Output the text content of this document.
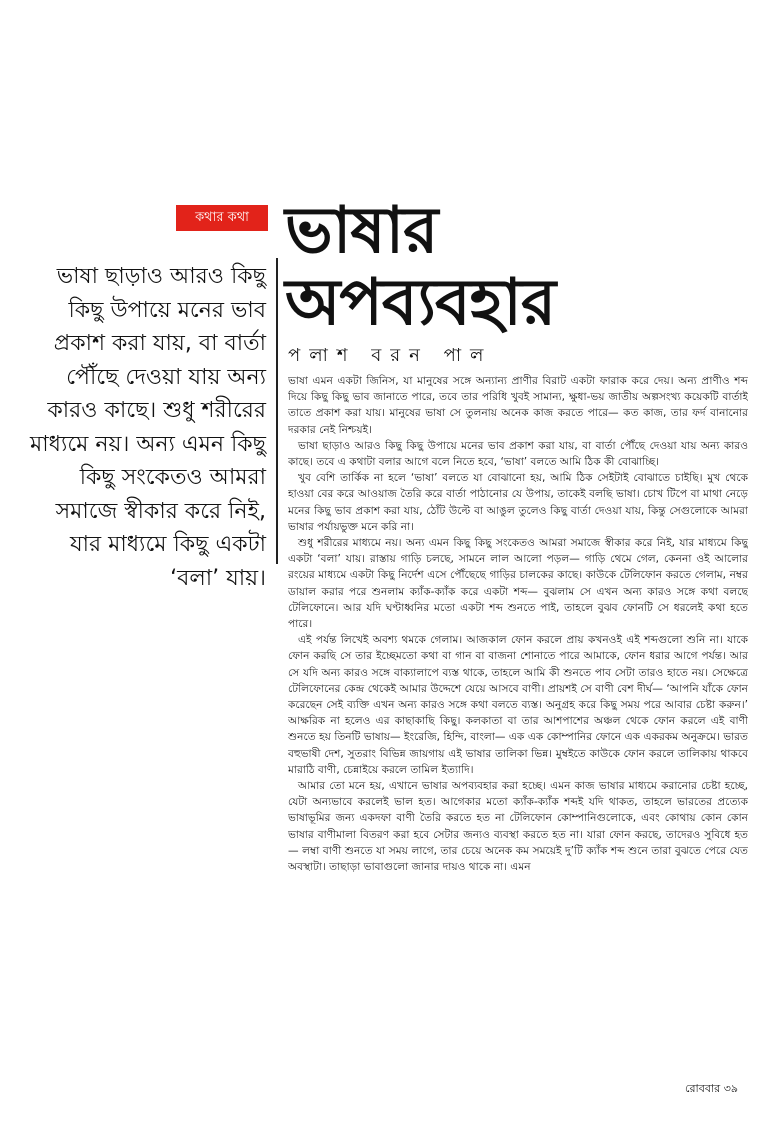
কথার কথা ভাষার
অপব্যবহার
পলাশ বরন পাল
ভাষা ছাড়াও আরও কিছু কিছু উপায়ে মনের ভাব প্রকাশ করা যায়, বা বার্তা পৌঁছে দেওয়া যায় অন্য কারও কাছে। শুধু শরীরের মাধ্যমে নয়। অন্য এমন কিছু কিছু সংকেতও আমরা সমাজে স্বীকার করে নিই, যার মাধ্যমে কিছু একটা ‘বলা’ যায়।

ভাষা এমন একটা জিনিস, যা মানুষের সঙ্গে অন্যান্য প্রাণীর বিরাট একটা ফারাক করে দেয়। অন্য প্রাণীও শব্দ দিয়ে কিছু কিছু ভাব জানাতে পারে, তবে তার পরিধি খুবই সামান্য, ক্ষুধা-ভয় জাতীয় অল্পসংখ্য কয়েকটি বার্তাই তাতে প্রকাশ করা যায়। মানুষের ভাষা সে তুলনায় অনেক কাজ করতে পারে— কত কাজ, তার ফর্দ বানানোর দরকার নেই নিশ্চয়ই।

ভাষা ছাড়াও আরও কিছু কিছু উপায়ে মনের ভাব প্রকাশ করা যায়, বা বার্তা পৌঁছে দেওয়া যায় অন্য কারও কাছে। তবে এ কথাটা বলার আগে বলে নিতে হবে, ‘ভাষা’ বলতে আমি ঠিক কী বোঝাচ্ছি।

খুব বেশি তার্কিক না হলে ‘ভাষা’ বলতে যা বোঝানো হয়, আমি ঠিক সেইটাই বোঝাতে চাইছি। মুখ থেকে হাওয়া বের করে আওয়াজ তৈরি করে বার্তা পাঠানোর যে উপায়, তাকেই বলছি ভাষা। চোখ টিপে বা মাথা নেড়ে মনের কিছু ভাব প্রকাশ করা যায়, ঠোঁট উল্টে বা আঙুল তুলেও কিছু বার্তা দেওয়া যায়, কিন্তু সেগুলোকে আমরা ভাষার পর্যায়ভুক্ত মনে করি না।

শুধু শরীরের মাধ্যমে নয়। অন্য এমন কিছু কিছু সংকেতও আমরা সমাজে স্বীকার করে নিই, যার মাধ্যমে কিছু একটা ‘বলা’ যায়। রাস্তায় গাড়ি চলছে, সামনে লাল আলো পড়ল— গাড়ি থেমে গেল, কেননা ওই আলোর রংয়ের মাধ্যমে একটা কিছু নির্দেশ এসে পৌঁছেছে গাড়ির চালকের কাছে। কাউকে টেলিফোন করতে গেলাম, নম্বর ডায়াল করার পরে শুনলাম ক্যাঁক-ক্যাঁক করে একটা শব্দ— বুঝলাম সে এখন অন্য কারও সঙ্গে কথা বলছে টেলিফোনে। আর যদি ঘণ্টাধ্বনির মতো একটা শব্দ শুনতে পাই, তাহলে বুঝব ফোনটি সে ধরলেই কথা হতে পারে।

এই পর্যন্ত লিখেই অবশ্য থমকে গেলাম। আজকাল ফোন করলে প্রায় কখনওই এই শব্দগুলো শুনি না। যাকে ফোন করছি সে তার ইচ্ছেমতো কথা বা গান বা বাজনা শোনাতে পারে আমাকে, ফোন ধরার আগে পর্যন্ত। আর সে যদি অন্য কারও সঙ্গে বাক্যালাপে ব্যস্ত থাকে, তাহলে আমি কী শুনতে পাব সেটা তারও হাতে নয়। সেক্ষেত্রে টেলিফোনের কেন্দ্র থেকেই আমার উদ্দেশে যেয়ে আসবে বাণী। প্রায়শই সে বাণী বেশ দীর্ঘ— ‘আপনি যাঁকে ফোন করেছেন সেই ব্যক্তি এখন অন্য কারও সঙ্গে কথা বলতে ব্যস্ত। অনুগ্রহ করে কিছু সময় পরে আবার চেষ্টা করুন।’ আক্ষরিক না হলেও এর কাছাকাছি কিছু। কলকাতা বা তার আশপাশের অঞ্চল থেকে ফোন করলে এই বাণী শুনতে হয় তিনটি ভাষায়— ইংরেজি, হিন্দি, বাংলা— এক এক কোম্পানির ফোনে এক একরকম অনুক্রমে। ভারত বহুভাষী দেশ, সুতরাং বিভিন্ন জায়গায় এই ভাষার তালিকা ভিন্ন। মুম্বইতে কাউকে ফোন করলে তালিকায় থাকবে মারাঠি বাণী, চেন্নাইয়ে করলে তামিল ইত্যাদি।

আমার তো মনে হয়, এখানে ভাষার অপব্যবহার করা হচ্ছে। এমন কাজ ভাষার মাধ্যমে করানোর চেষ্টা হচ্ছে, যেটা অন্যভাবে করলেই ভাল হত। আগেকার মতো ক্যাঁক-ক্যাঁক শব্দই যদি থাকত, তাহলে ভারতের প্রত্যেক ভাষাভূমির জন্য একদফা বাণী তৈরি করতে হত না টেলিফোন কোম্পানিগুলোকে, এবং কোথায় কোন কোন ভাষার বাণীমালা বিতরণ করা হবে সেটার জন্যও ব্যবস্থা করতে হত না। যারা ফোন করছে, তাদেরও সুবিধে হত— লম্বা বাণী শুনতে যা সময় লাগে, তার চেয়ে অনেক কম সময়েই দু’টি ক্যাঁক শব্দ শুনে তারা বুঝতে পেরে যেত অবস্থাটা। তাছাড়া ভাবাগুলো জানার দায়ও থাকে না। এমন

রোববার ৩৯
